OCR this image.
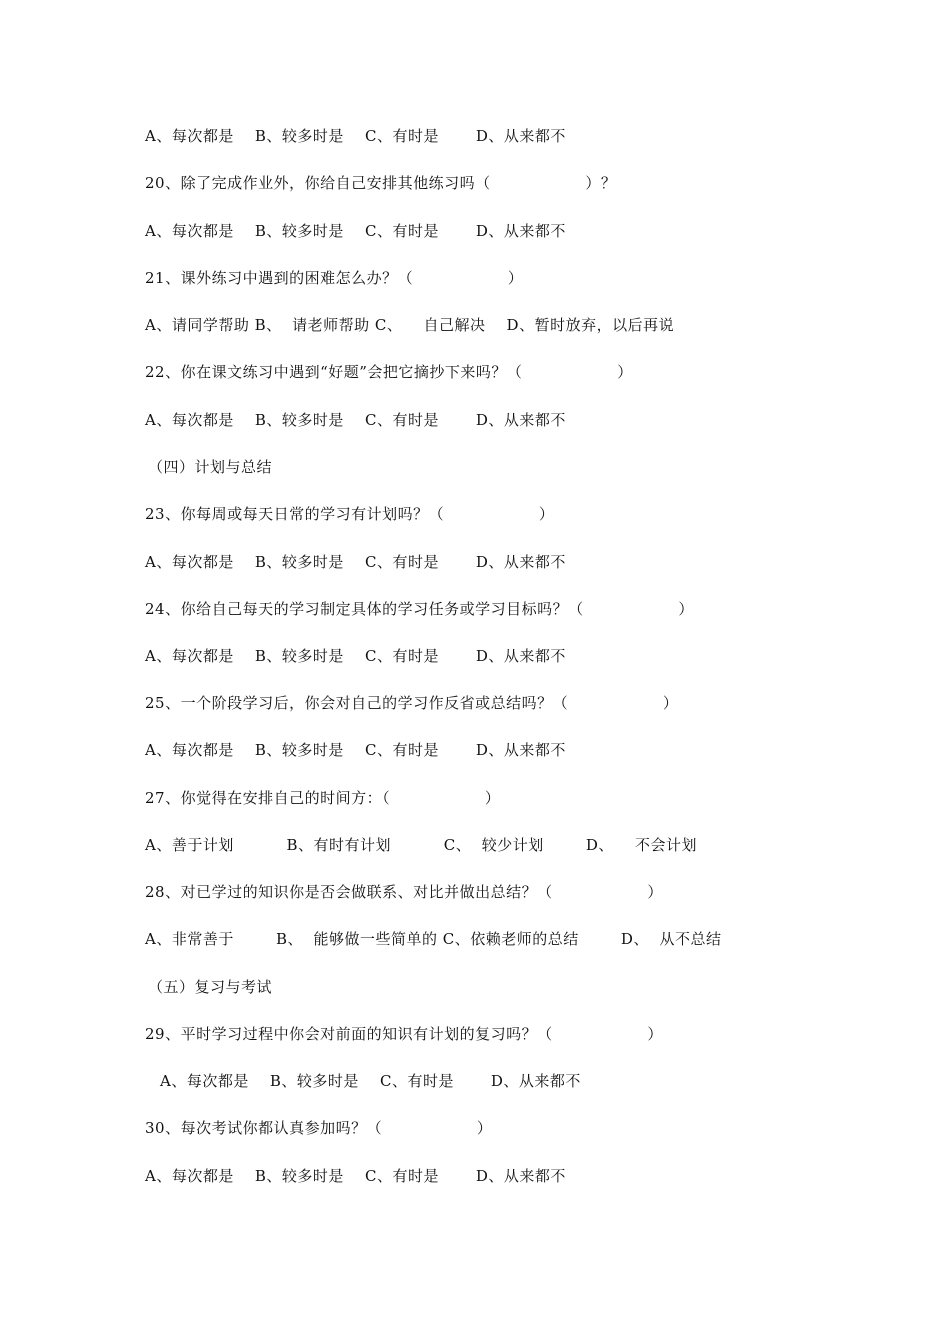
A、每次都是    B、较多时是    C、有时是       D、从来都不
20、除了完成作业外，你给自己安排其他练习吗（                  ）？
A、每次都是    B、较多时是    C、有时是       D、从来都不
21、课外练习中遇到的困难怎么办？（                  ）
A、请同学帮助 B、  请老师帮助 C、    自己解决    D、暂时放弃，以后再说
22、你在课文练习中遇到“好题”会把它摘抄下来吗？（                  ）
A、每次都是    B、较多时是    C、有时是       D、从来都不
（四）计划与总结
23、你每周或每天日常的学习有计划吗？（                  ）
A、每次都是    B、较多时是    C、有时是       D、从来都不
24、你给自己每天的学习制定具体的学习任务或学习目标吗？（                  ）
A、每次都是    B、较多时是    C、有时是       D、从来都不
25、一个阶段学习后，你会对自己的学习作反省或总结吗？（                  ）
A、每次都是    B、较多时是    C、有时是       D、从来都不
27、你觉得在安排自己的时间方：（                  ）
A、善于计划          B、有时有计划          C、  较少计划        D、    不会计划
28、对已学过的知识你是否会做联系、对比并做出总结？（                  ）
A、非常善于        B、  能够做一些简单的 C、依赖老师的总结        D、  从不总结
（五）复习与考试
29、平时学习过程中你会对前面的知识有计划的复习吗？（                  ）
A、每次都是    B、较多时是    C、有时是       D、从来都不
30、每次考试你都认真参加吗？（                  ）
A、每次都是    B、较多时是    C、有时是       D、从来都不
